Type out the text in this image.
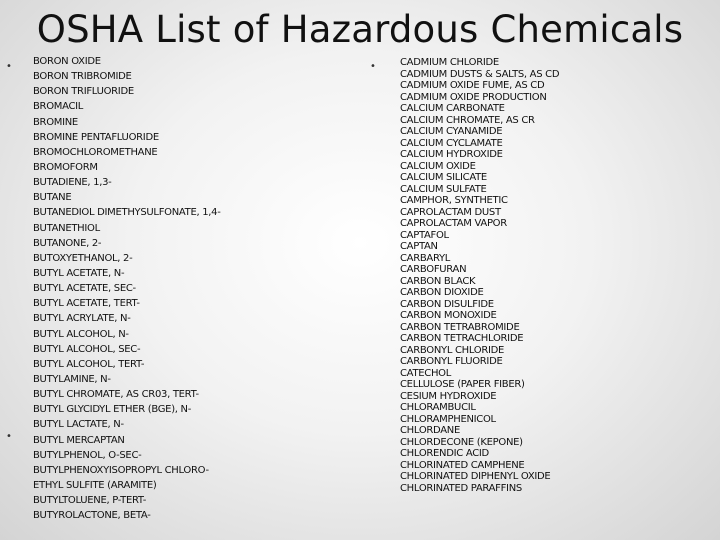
OSHA List of Hazardous Chemicals
•
•
•
BORON OXIDE
BORON TRIBROMIDE
BORON TRIFLUORIDE
BROMACIL
BROMINE
BROMINE PENTAFLUORIDE
BROMOCHLOROMETHANE
BROMOFORM
BUTADIENE, 1,3-
BUTANE
BUTANEDIOL DIMETHYSULFONATE, 1,4-
BUTANETHIOL
BUTANONE, 2-
BUTOXYETHANOL, 2-
BUTYL ACETATE, N-
BUTYL ACETATE, SEC-
BUTYL ACETATE, TERT-
BUTYL ACRYLATE, N-
BUTYL ALCOHOL, N-
BUTYL ALCOHOL, SEC-
BUTYL ALCOHOL, TERT-
BUTYLAMINE, N-
BUTYL CHROMATE, AS CR03, TERT-
BUTYL GLYCIDYL ETHER (BGE), N-
BUTYL LACTATE, N-
BUTYL MERCAPTAN
BUTYLPHENOL, O-SEC-
BUTYLPHENOXYISOPROPYL CHLORO-
ETHYL SULFITE (ARAMITE)
BUTYLTOLUENE, P-TERT-
BUTYROLACTONE, BETA-
CADMIUM CHLORIDE
CADMIUM DUSTS & SALTS, AS CD
CADMIUM OXIDE FUME, AS CD
CADMIUM OXIDE PRODUCTION
CALCIUM CARBONATE
CALCIUM CHROMATE, AS CR
CALCIUM CYANAMIDE
CALCIUM CYCLAMATE
CALCIUM HYDROXIDE
CALCIUM OXIDE
CALCIUM SILICATE
CALCIUM SULFATE
CAMPHOR, SYNTHETIC
CAPROLACTAM DUST
CAPROLACTAM VAPOR
CAPTAFOL
CAPTAN
CARBARYL
CARBOFURAN
CARBON BLACK
CARBON DIOXIDE
CARBON DISULFIDE
CARBON MONOXIDE
CARBON TETRABROMIDE
CARBON TETRACHLORIDE
CARBONYL CHLORIDE
CARBONYL FLUORIDE
CATECHOL
CELLULOSE (PAPER FIBER)
CESIUM HYDROXIDE
CHLORAMBUCIL
CHLORAMPHENICOL
CHLORDANE
CHLORDECONE (KEPONE)
CHLORENDIC ACID
CHLORINATED CAMPHENE
CHLORINATED DIPHENYL OXIDE
CHLORINATED PARAFFINS
